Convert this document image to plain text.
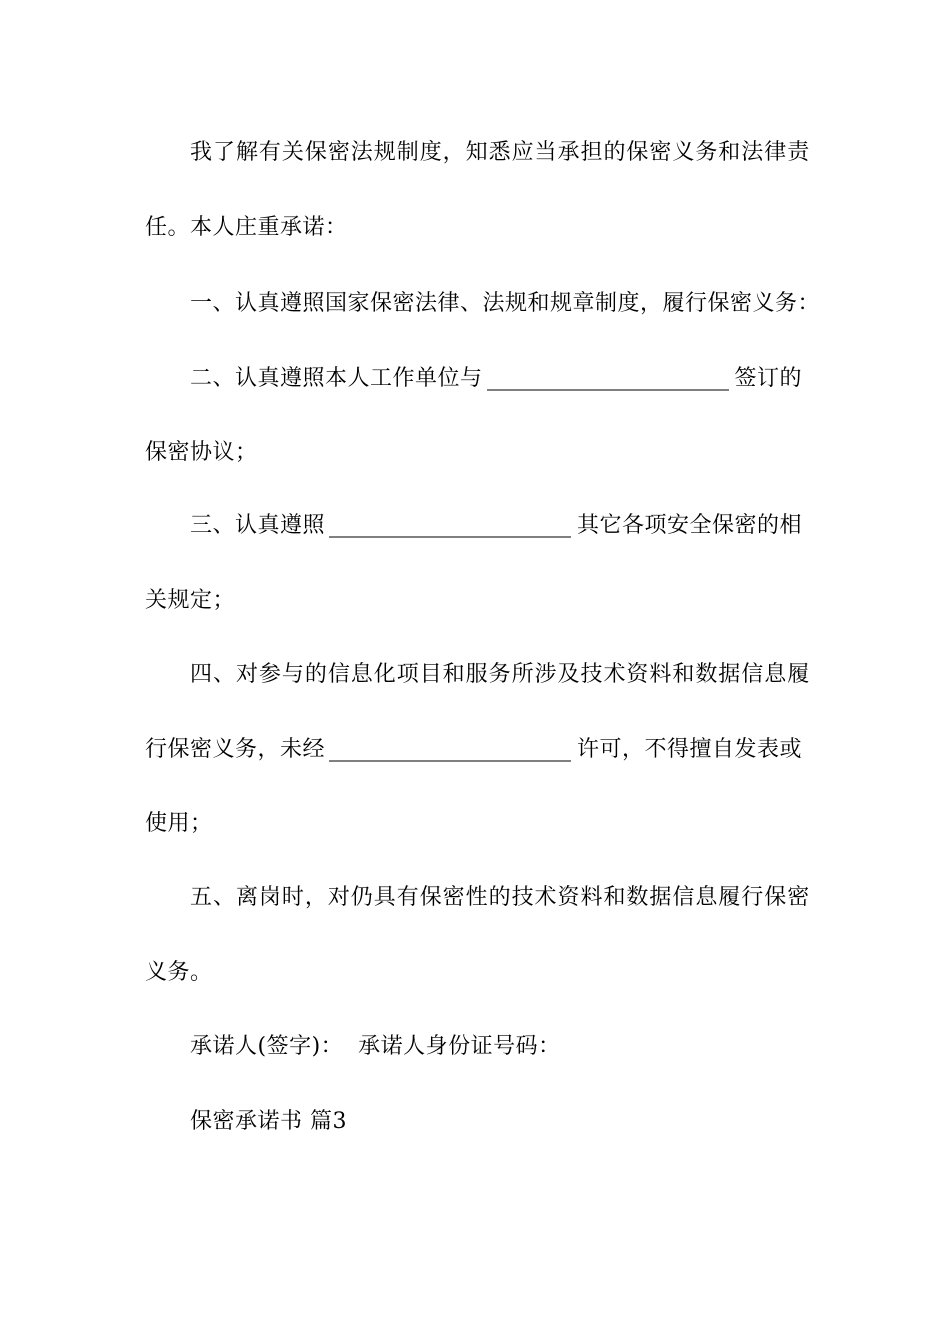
我 了 解 有 关 保 密 法 规 制 度 ， 知 悉 应 当 承 担 的 保 密 义 务 和 法 律 责
任。本人庄重承诺：
一、认真遵照国家保密法律、法规和规章制度，履行保密义务：
二、认真遵照本人工作单位与	签订的
保密协议；
三、认真遵照	其它各项安全保密的相
关规定；
四 、 对 参 与 的 信 息 化 项 目 和 服 务 所 涉 及 技 术 资 料 和 数 据 信 息 履
行保密义务，未经	许可，不得擅自发表或
使用；
五 、 离 岗 时 ， 对 仍 具 有 保 密 性 的 技 术 资 料 和 数 据 信 息 履 行 保 密
义务。
承诺人(签字)：  承诺人身份证号码：
保密承诺书 篇3
